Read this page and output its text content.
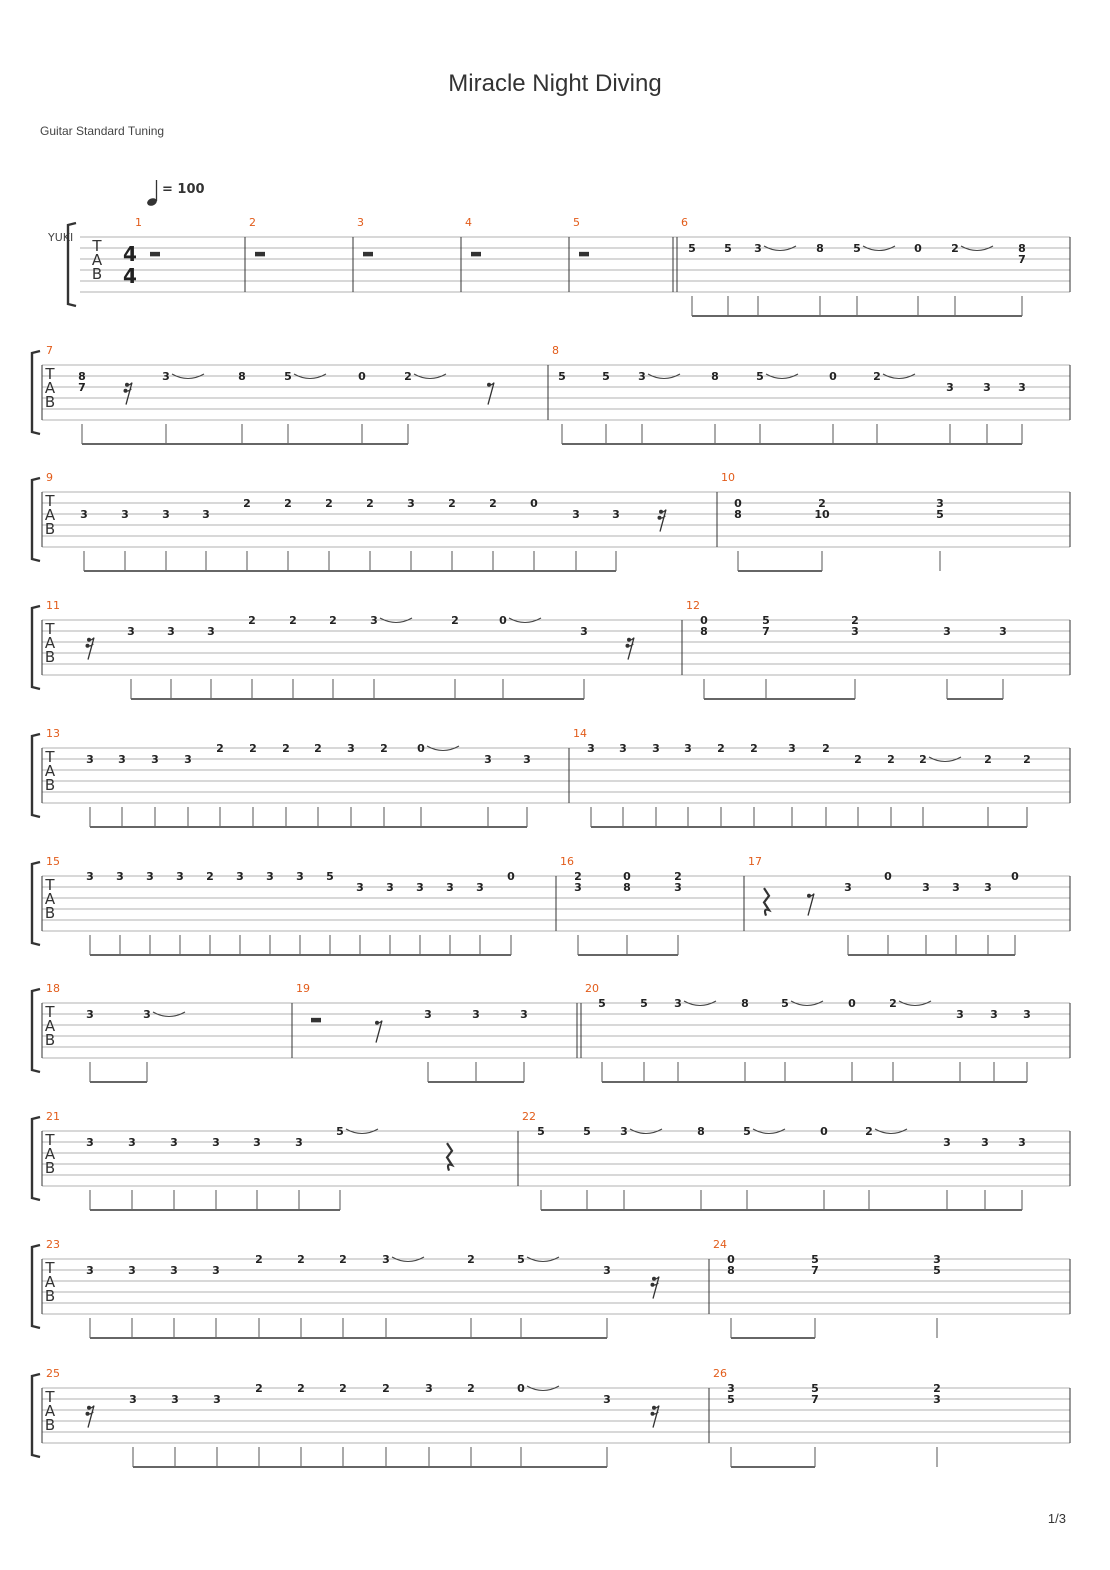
Miracle Night Diving
Guitar Standard Tuning
= 100
YUKI T
A
B
4
4
1	2	3	4	5	6
5	5 3	8	5	0	2	8
7
T
A
B
7
8
7
3	8	5	0	2
8
5	5	3	8	5	0	2
3	3 3
T
A
B
9
3	3	3	3
2	2	2	2	3	2	2	0
3	3
10
0
8
2
10
3
5
T
A
B
11
3	3	3
2	2	2	3	2	0
3
12
0
8
5
7
2
3	3	3
T
A
B
13
3 3 3 3
2 2 2 2 3 2	0
3	3
14
3 3 3 3 2 2	3 2
2 2 2	2	2
T
A
B
15
3 3 3 3 2 3 3 3 5
3 3 3 3 3
0
16
2
3
0
8
2
3
17
3
0
3 3 3
0
T
A
B
18
3	3
19
3	3	3
20
5	5 3	8	5	0	2
3 3 3
T
A
B
21
3	3	3	3	3	3
5
22
5	5	3	8	5	0	2
3	3	3
T
A
B
23
3	3	3	3
2	2	2	3	2	5
3
24
0
8
5
7
3
5
T
A
B
25
3	3	3
2	2	2	2	3	2	0
3
26
3
5
5
7
2
3
1/3
